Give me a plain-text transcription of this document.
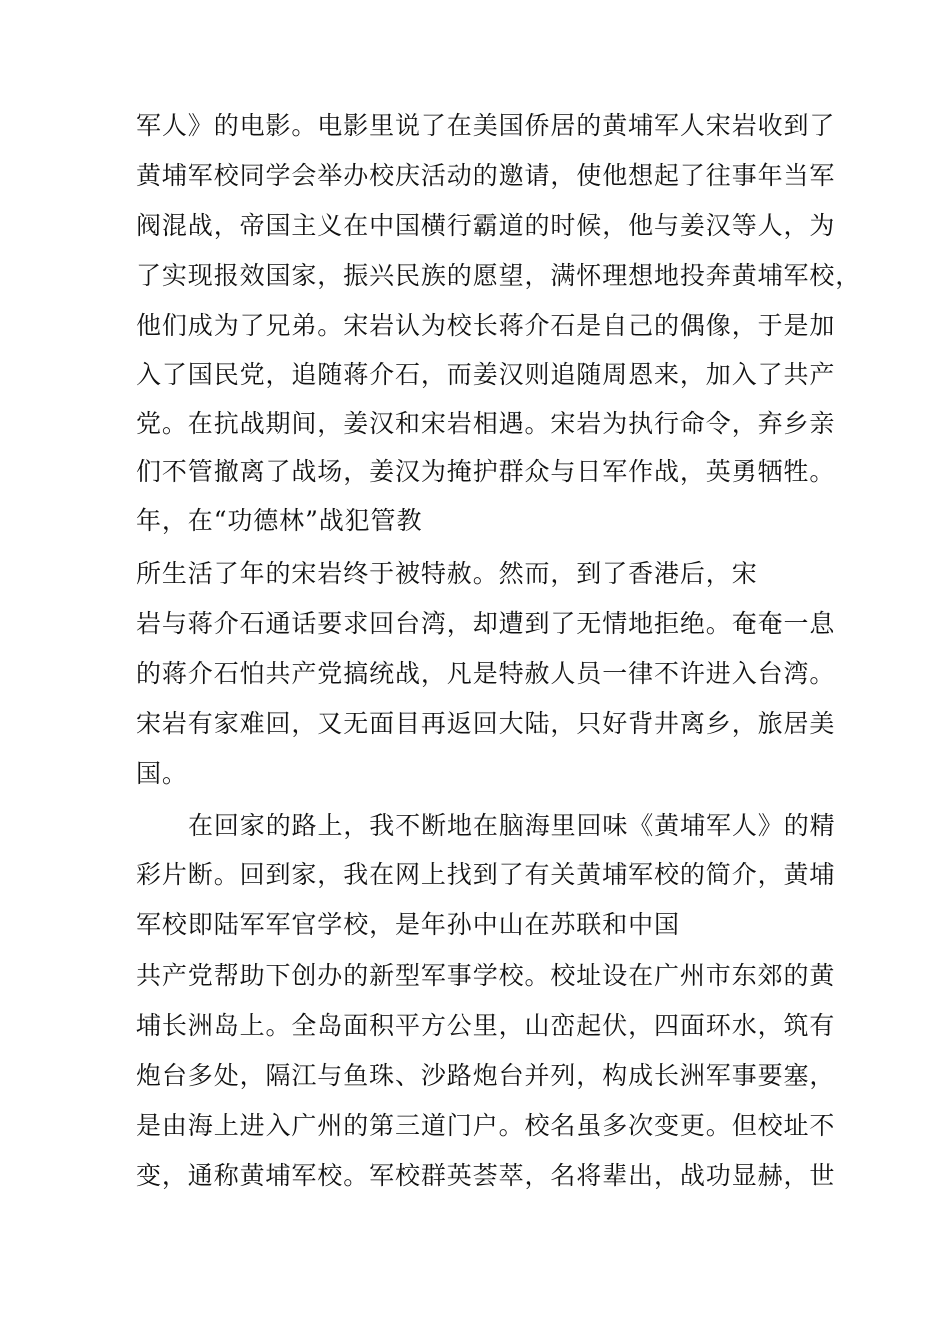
军人》的电影。电影里说了在美国侨居的黄埔军人宋岩收到了
黄埔军校同学会举办校庆活动的邀请，使他想起了往事年当军
阀混战，帝国主义在中国横行霸道的时候，他与姜汉等人，为
了实现报效国家，振兴民族的愿望，满怀理想地投奔黄埔军校，
他们成为了兄弟。宋岩认为校长蒋介石是自己的偶像，于是加
入了国民党，追随蒋介石，而姜汉则追随周恩来，加入了共产
党。在抗战期间，姜汉和宋岩相遇。宋岩为执行命令，弃乡亲
们不管撤离了战场，姜汉为掩护群众与日军作战，英勇牺牲。
年，在“功德林”战犯管教
所生活了年的宋岩终于被特赦。然而，到了香港后，宋
岩与蒋介石通话要求回台湾，却遭到了无情地拒绝。奄奄一息
的蒋介石怕共产党搞统战，凡是特赦人员一律不许进入台湾。
宋岩有家难回，又无面目再返回大陆，只好背井离乡，旅居美
国。
在回家的路上，我不断地在脑海里回味《黄埔军人》的精
彩片断。回到家，我在网上找到了有关黄埔军校的简介，黄埔
军校即陆军军官学校，是年孙中山在苏联和中国
共产党帮助下创办的新型军事学校。校址设在广州市东郊的黄
埔长洲岛上。全岛面积平方公里，山峦起伏，四面环水，筑有
炮台多处，隔江与鱼珠、沙路炮台并列，构成长洲军事要塞，
是由海上进入广州的第三道门户。校名虽多次变更。但校址不
变，通称黄埔军校。军校群英荟萃，名将辈出，战功显赫，世
